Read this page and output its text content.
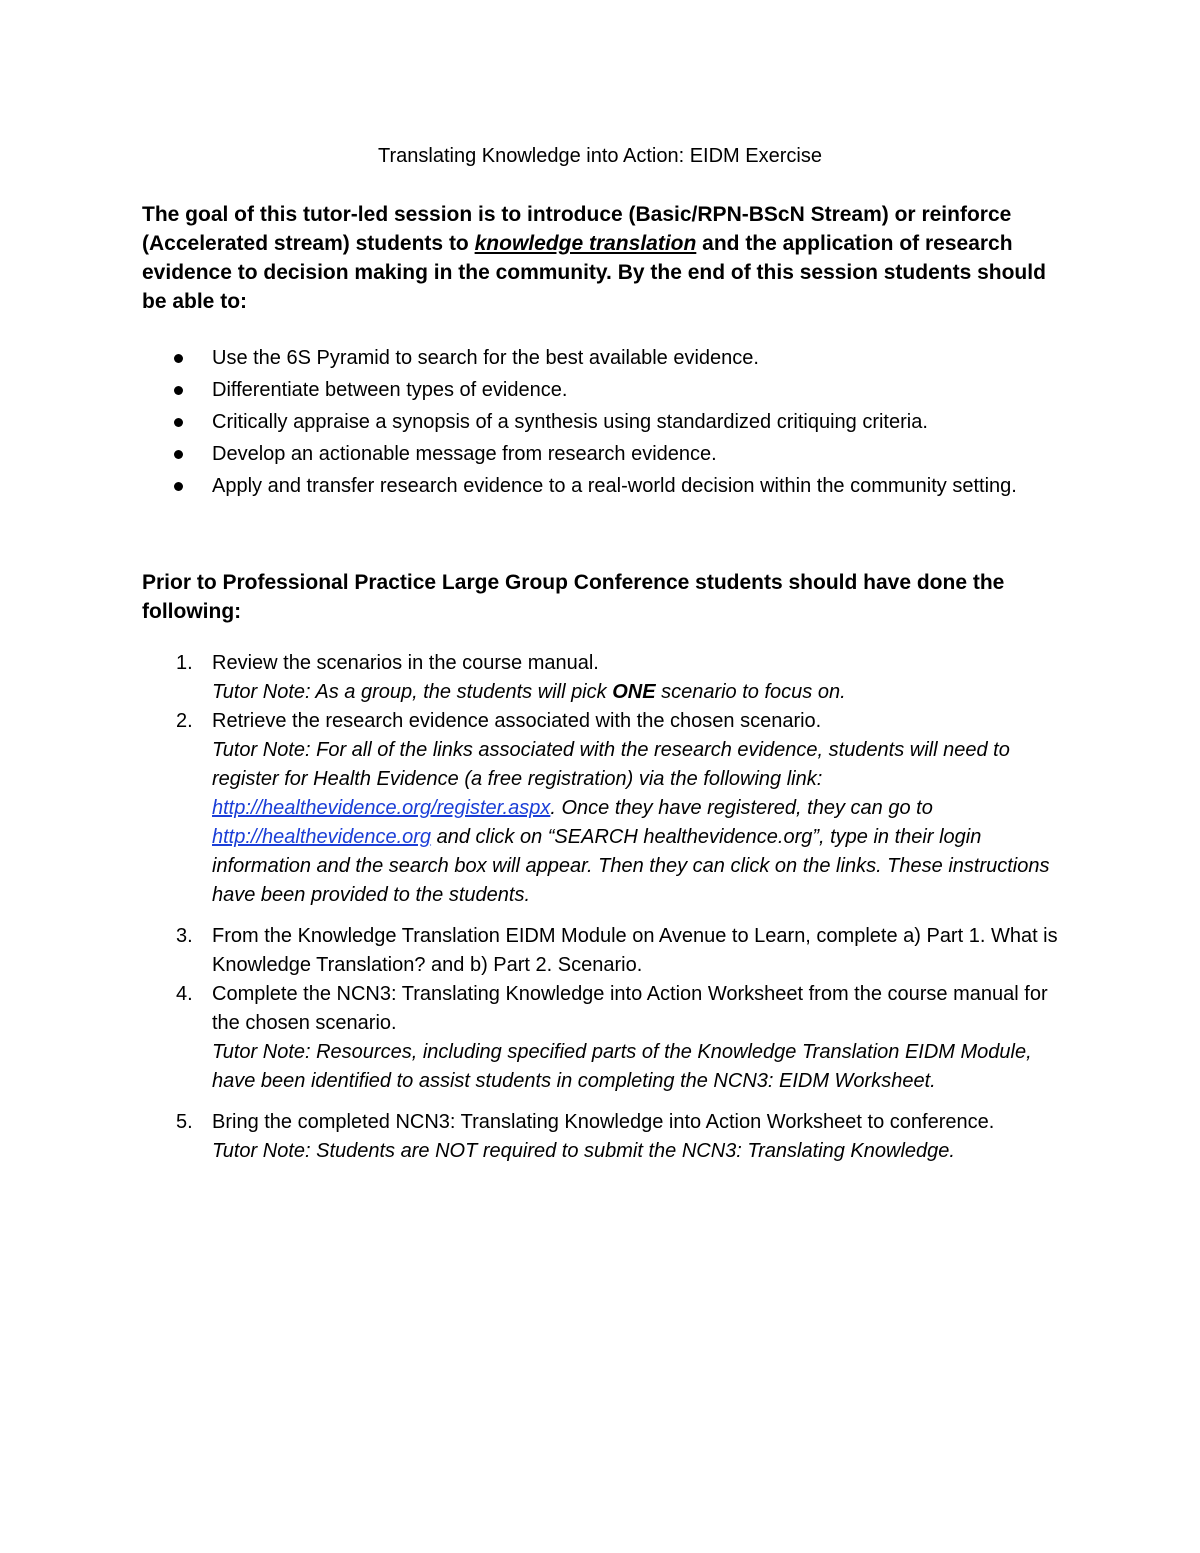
Translating Knowledge into Action: EIDM Exercise

The goal of this tutor-led session is to introduce (Basic/RPN-BScN Stream) or reinforce (Accelerated stream) students to knowledge translation and the application of research evidence to decision making in the community. By the end of this session students should be able to:

Use the 6S Pyramid to search for the best available evidence.
Differentiate between types of evidence.
Critically appraise a synopsis of a synthesis using standardized critiquing criteria.
Develop an actionable message from research evidence.
Apply and transfer research evidence to a real-world decision within the community setting.

Prior to Professional Practice Large Group Conference students should have done the following:

1. Review the scenarios in the course manual.
Tutor Note: As a group, the students will pick ONE scenario to focus on.
2. Retrieve the research evidence associated with the chosen scenario.
Tutor Note: For all of the links associated with the research evidence, students will need to register for Health Evidence (a free registration) via the following link: http://healthevidence.org/register.aspx. Once they have registered, they can go to http://healthevidence.org and click on “SEARCH healthevidence.org”, type in their login information and the search box will appear. Then they can click on the links. These instructions have been provided to the students.
3. From the Knowledge Translation EIDM Module on Avenue to Learn, complete a) Part 1. What is Knowledge Translation? and b) Part 2. Scenario.
4. Complete the NCN3: Translating Knowledge into Action Worksheet from the course manual for the chosen scenario.
Tutor Note: Resources, including specified parts of the Knowledge Translation EIDM Module, have been identified to assist students in completing the NCN3: EIDM Worksheet.
5. Bring the completed NCN3: Translating Knowledge into Action Worksheet to conference.
Tutor Note: Students are NOT required to submit the NCN3: Translating Knowledge.
